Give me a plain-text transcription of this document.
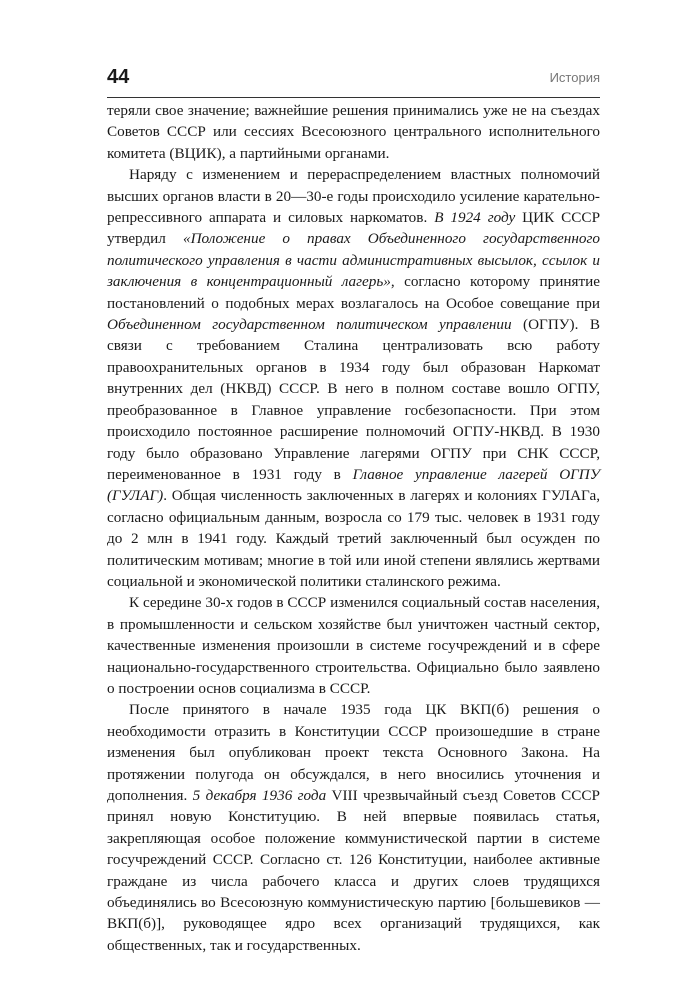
44	История

теряли свое значение; важнейшие решения принимались уже не на съездах Советов СССР или сессиях Всесоюзного центрального исполнительного комитета (ВЦИК), а партийными органами.

Наряду с изменением и перераспределением властных полномочий высших органов власти в 20—30-е годы происходило усиление карательно-репрессивного аппарата и силовых наркоматов. В 1924 году ЦИК СССР утвердил «Положение о правах Объединенного государственного политического управления в части административных высылок, ссылок и заключения в концентрационный лагерь», согласно которому принятие постановлений о подобных мерах возлагалось на Особое совещание при Объединенном государственном политическом управлении (ОГПУ). В связи с требованием Сталина централизовать всю работу правоохранительных органов в 1934 году был образован Наркомат внутренних дел (НКВД) СССР. В него в полном составе вошло ОГПУ, преобразованное в Главное управление госбезопасности. При этом происходило постоянное расширение полномочий ОГПУ-НКВД. В 1930 году было образовано Управление лагерями ОГПУ при СНК СССР, переименованное в 1931 году в Главное управление лагерей ОГПУ (ГУЛАГ). Общая численность заключенных в лагерях и колониях ГУЛАГа, согласно официальным данным, возросла со 179 тыс. человек в 1931 году до 2 млн в 1941 году. Каждый третий заключенный был осужден по политическим мотивам; многие в той или иной степени являлись жертвами социальной и экономической политики сталинского режима.

К середине 30-х годов в СССР изменился социальный состав населения, в промышленности и сельском хозяйстве был уничтожен частный сектор, качественные изменения произошли в системе госучреждений и в сфере национально-государственного строительства. Официально было заявлено о построении основ социализма в СССР.

После принятого в начале 1935 года ЦК ВКП(б) решения о необходимости отразить в Конституции СССР произошедшие в стране изменения был опубликован проект текста Основного Закона. На протяжении полугода он обсуждался, в него вносились уточнения и дополнения. 5 декабря 1936 года VIII чрезвычайный съезд Советов СССР принял новую Конституцию. В ней впервые появилась статья, закрепляющая особое положение коммунистической партии в системе госучреждений СССР. Согласно ст. 126 Конституции, наиболее активные граждане из числа рабочего класса и других слоев трудящихся объединялись во Всесоюзную коммунистическую партию [большевиков — ВКП(б)], руководящее ядро всех организаций трудящихся, как общественных, так и государственных.
